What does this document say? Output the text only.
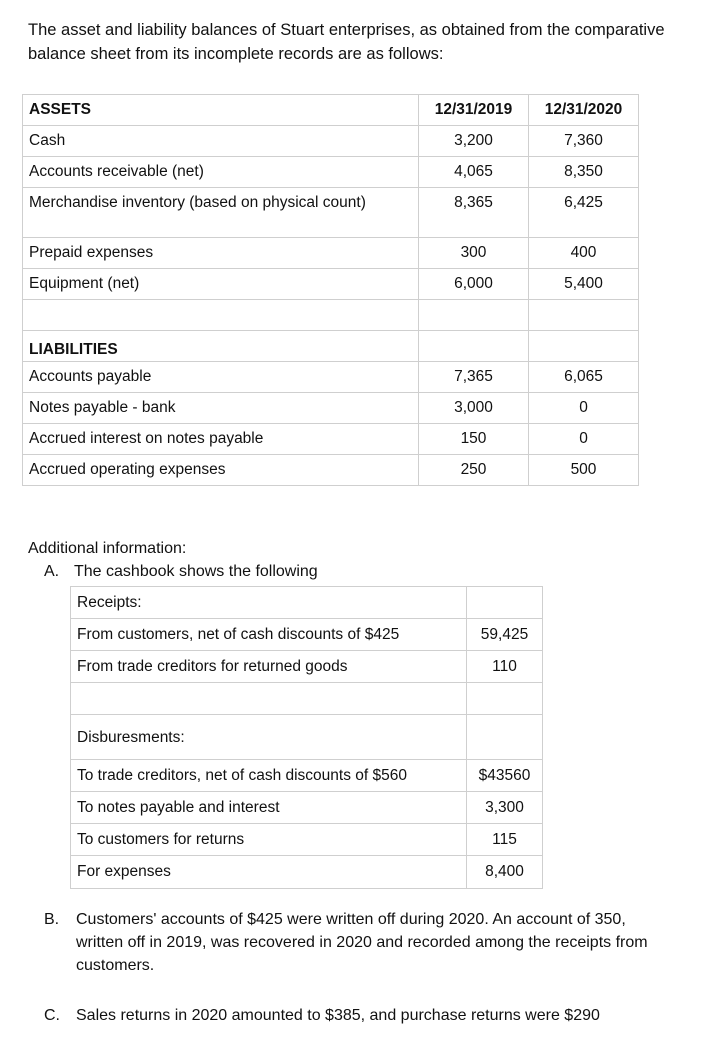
The asset and liability balances of Stuart enterprises, as obtained from the comparative balance sheet from its incomplete records are as follows:
ASSETS	12/31/2019	12/31/2020
Cash	3,200	7,360
Accounts receivable (net)	4,065	8,350
Merchandise inventory (based on physical count)	8,365	6,425
Prepaid expenses	300	400
Equipment (net)	6,000	5,400

LIABILITIES		
Accounts payable	7,365	6,065
Notes payable - bank	3,000	0
Accrued interest on notes payable	150	0
Accrued operating expenses	250	500
Additional information:
A. The cashbook shows the following
Receipts:	
From customers, net of cash discounts of $425	59,425
From trade creditors for returned goods	110

Disburesments:	
To trade creditors, net of cash discounts of $560	$43560
To notes payable and interest	3,300
To customers for returns	115
For expenses	8,400
B. Customers' accounts of $425 were written off during 2020. An account of 350, written off in 2019, was recovered in 2020 and recorded among the receipts from customers.
C. Sales returns in 2020 amounted to $385, and purchase returns were $290
